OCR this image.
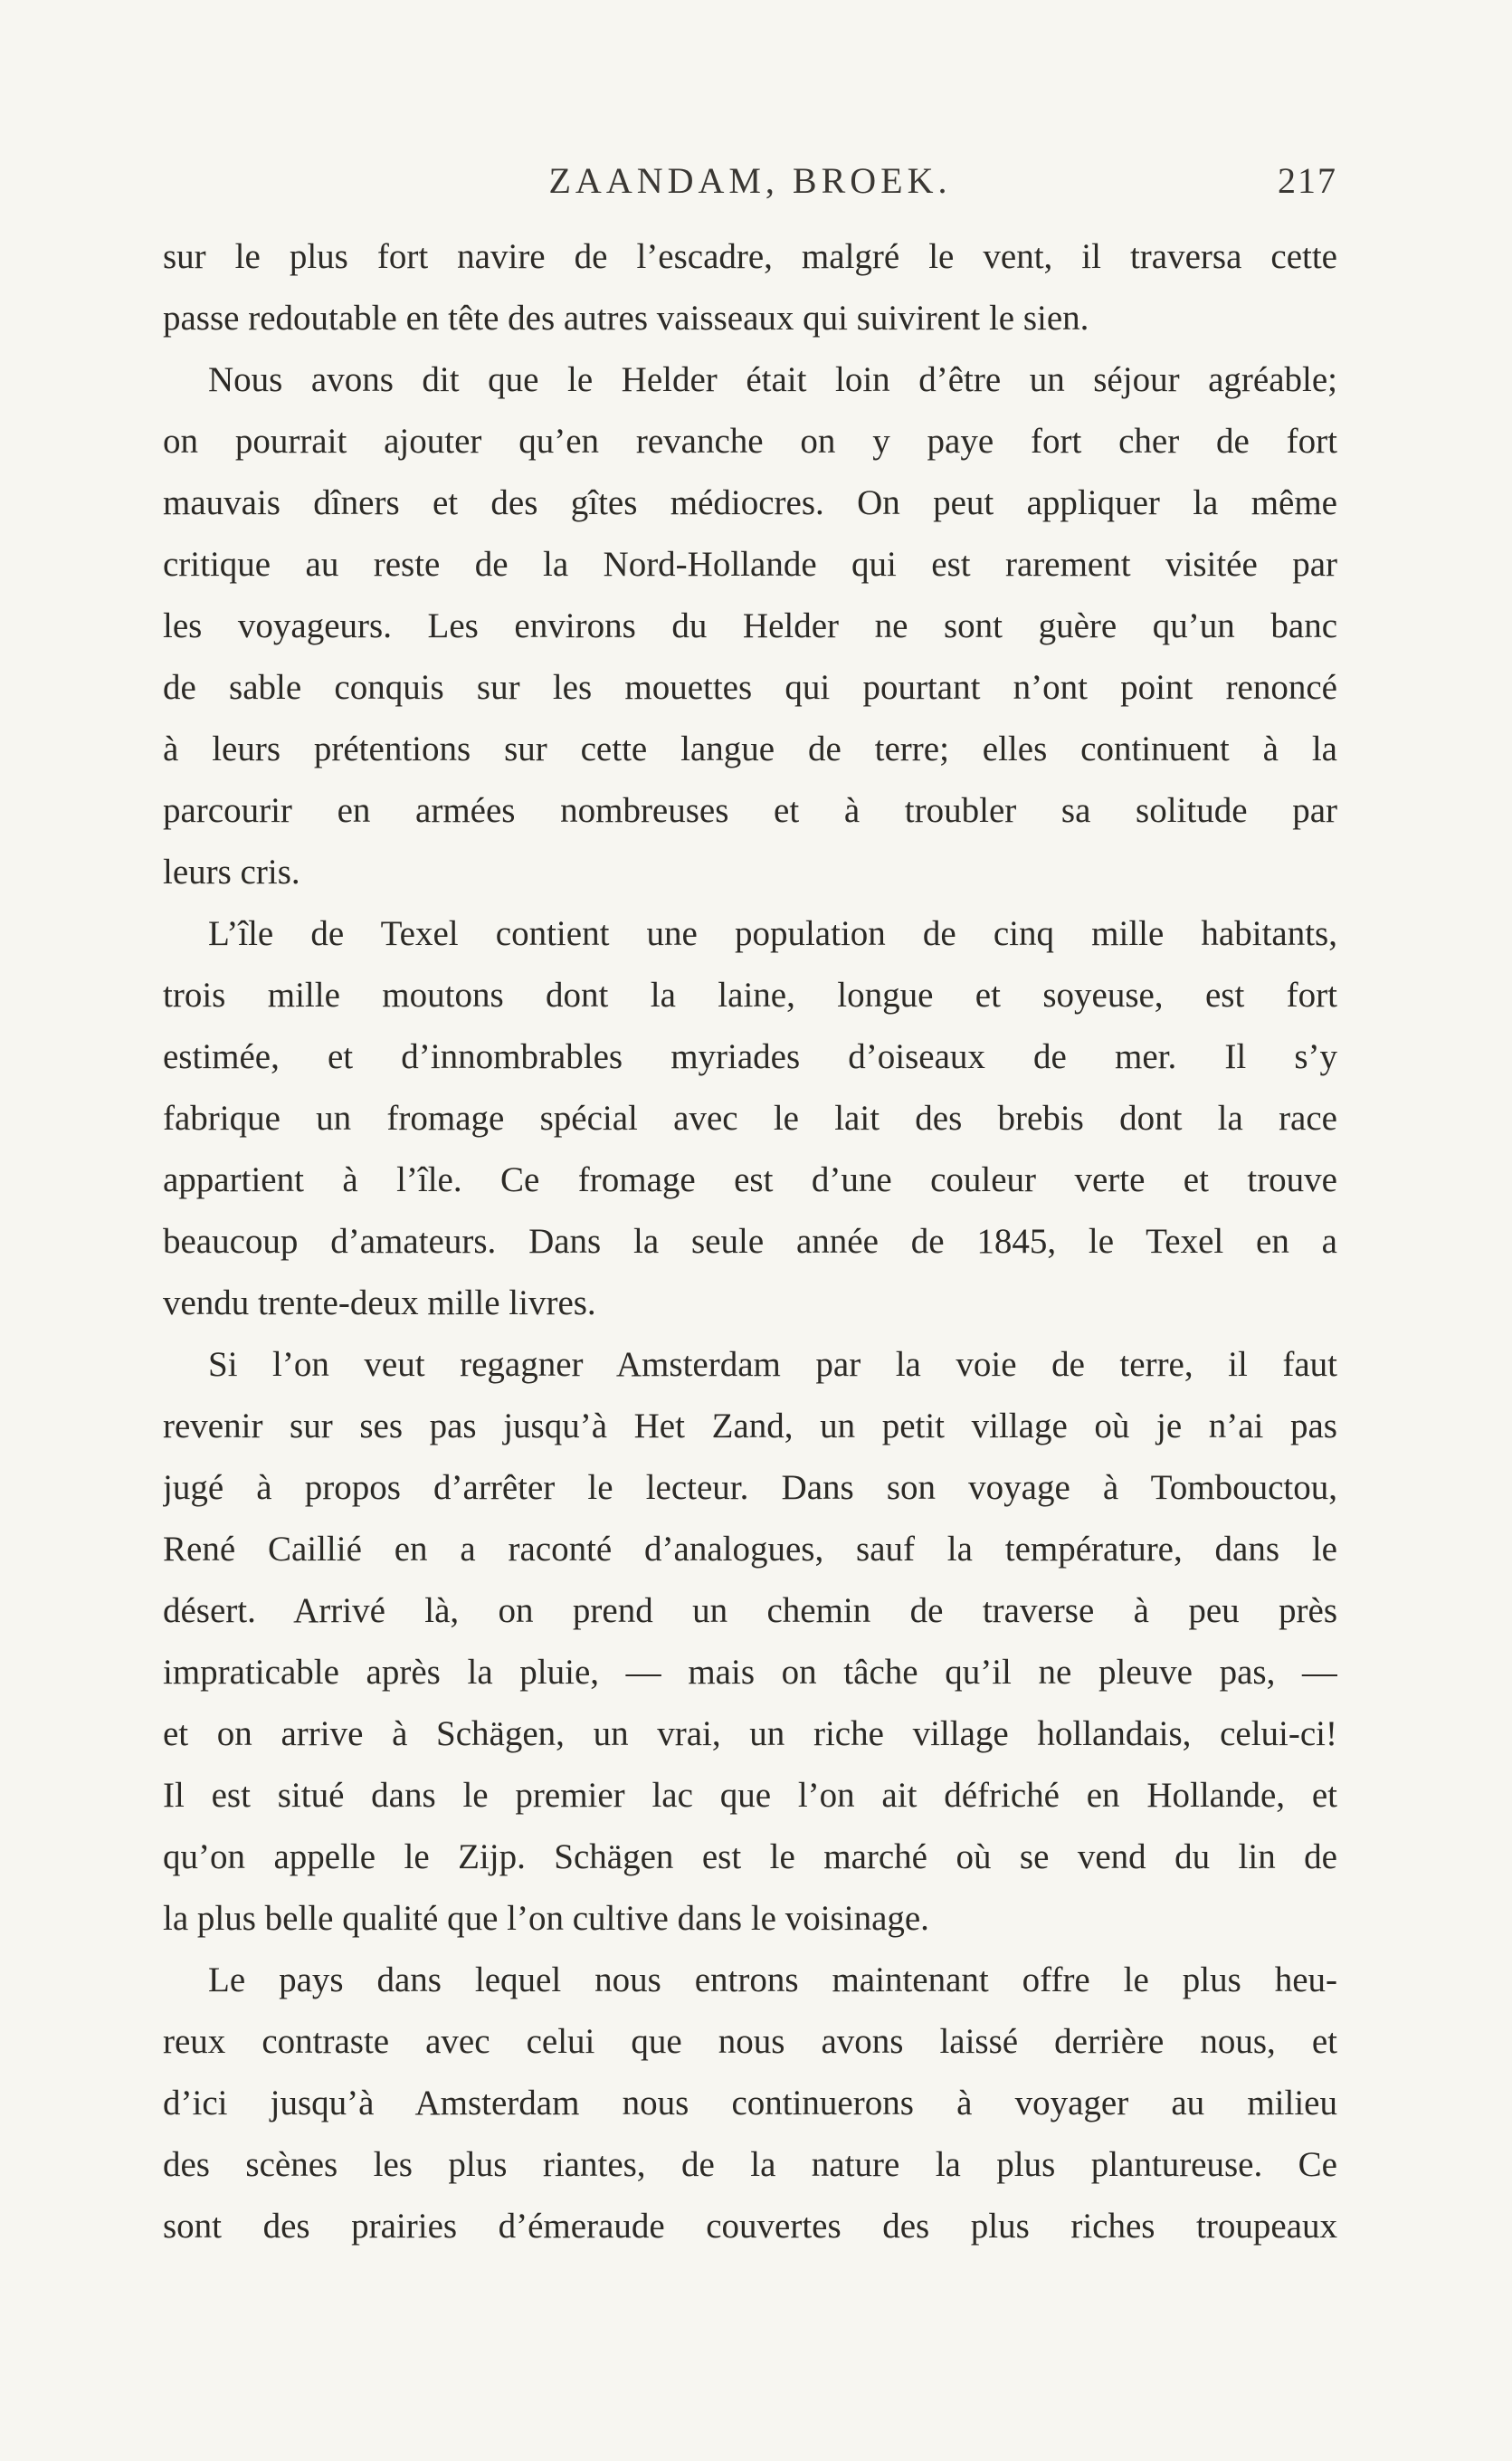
ZAANDAM, BROEK.	217
sur le plus fort navire de l’escadre, malgré le vent, il traversa cette
passe redoutable en tête des autres vaisseaux qui suivirent le sien.
Nous avons dit que le Helder était loin d’être un séjour agréable;
on pourrait ajouter qu’en revanche on y paye fort cher de fort
mauvais dîners et des gîtes médiocres. On peut appliquer la même
critique au reste de la Nord-Hollande qui est rarement visitée par
les voyageurs. Les environs du Helder ne sont guère qu’un banc
de sable conquis sur les mouettes qui pourtant n’ont point renoncé
à leurs prétentions sur cette langue de terre; elles continuent à la
parcourir en armées nombreuses et à troubler sa solitude par
leurs cris.
L’île de Texel contient une population de cinq mille habitants,
trois mille moutons dont la laine, longue et soyeuse, est fort
estimée, et d’innombrables myriades d’oiseaux de mer. Il s’y
fabrique un fromage spécial avec le lait des brebis dont la race
appartient à l’île. Ce fromage est d’une couleur verte et trouve
beaucoup d’amateurs. Dans la seule année de 1845, le Texel en a
vendu trente-deux mille livres.
Si l’on veut regagner Amsterdam par la voie de terre, il faut
revenir sur ses pas jusqu’à Het Zand, un petit village où je n’ai pas
jugé à propos d’arrêter le lecteur. Dans son voyage à Tombouctou,
René Caillié en a raconté d’analogues, sauf la température, dans le
désert. Arrivé là, on prend un chemin de traverse à peu près
impraticable après la pluie, — mais on tâche qu’il ne pleuve pas, —
et on arrive à Schägen, un vrai, un riche village hollandais, celui-ci!
Il est situé dans le premier lac que l’on ait défriché en Hollande, et
qu’on appelle le Zijp. Schägen est le marché où se vend du lin de
la plus belle qualité que l’on cultive dans le voisinage.
Le pays dans lequel nous entrons maintenant offre le plus heu-
reux contraste avec celui que nous avons laissé derrière nous, et
d’ici jusqu’à Amsterdam nous continuerons à voyager au milieu
des scènes les plus riantes, de la nature la plus plantureuse. Ce
sont des prairies d’émeraude couvertes des plus riches troupeaux
